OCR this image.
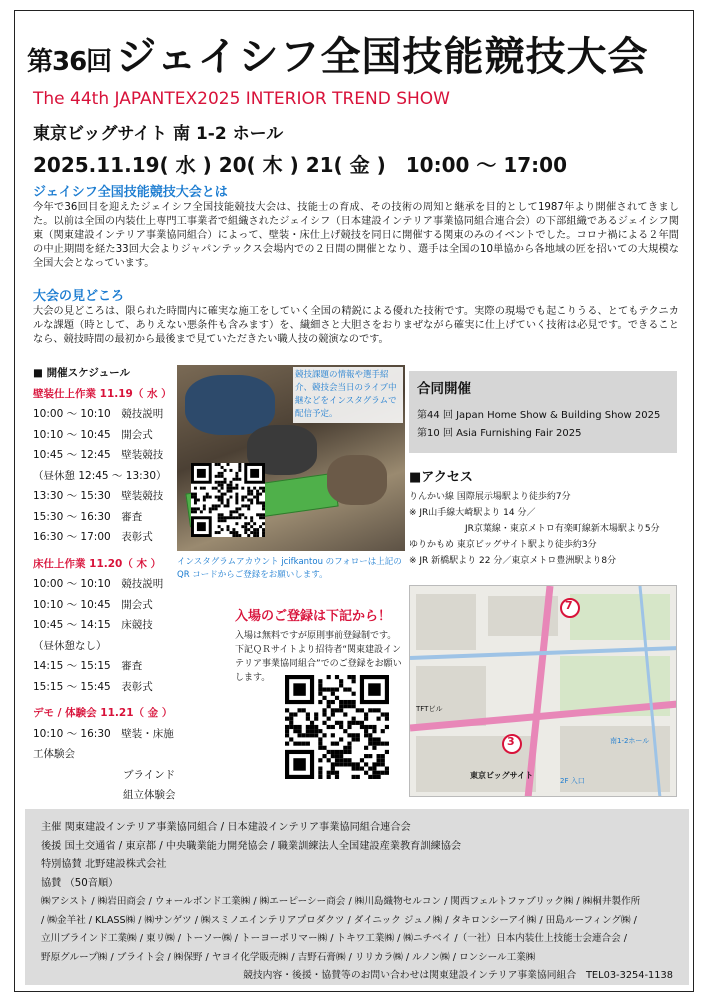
第36回 ジェイシフ全国技能競技大会
The 44th JAPANTEX2025 INTERIOR TREND SHOW
東京ビッグサイト 南 1-2 ホール
2025.11.19( 水 ) 20( 木 ) 21( 金 )　10:00 ～ 17:00
ジェイシフ全国技能競技大会とは
今年で36回目を迎えたジェイシフ全国技能競技大会は、技能士の育成、その技術の周知と継承を目的として1987年より開催されてきました。以前は全国の内装仕上専門工事業者で組織されたジェイシフ（日本建設インテリア事業協同組合連合会）の下部組織であるジェイシフ関東（関東建設インテリア事業協同組合）によって、壁装・床仕上げ競技を同日に開催する関東のみのイベントでした。コロナ禍による２年間の中止期間を経た33回大会よりジャパンテックス会場内での２日間の開催となり、選手は全国の10単協から各地域の匠を招いての大規模な全国大会となっています。
大会の見どころ
大会の見どころは、限られた時間内に確実な施工をしていく全国の精鋭による優れた技術です。実際の現場でも起こりうる、とてもテクニカルな課題（時として、ありえない悪条件も含みます）を、繊細さと大胆さをおりまぜながら確実に仕上げていく技術は必見です。できることなら、競技時間の最初から最後まで見ていただきたい職人技の競演なのです。
■ 開催スケジュール
壁装仕上作業 11.19（ 水 ）
10:00 ～ 10:10　競技説明
10:10 ～ 10:45　開会式
10:45 ～ 12:45　壁装競技
（昼休憩 12:45 ～ 13:30）
13:30 ～ 15:30　壁装競技
15:30 ～ 16:30　審査
16:30 ～ 17:00　表彰式
床仕上作業 11.20（ 木 ）
10:00 ～ 10:10　競技説明
10:10 ～ 10:45　開会式
10:45 ～ 14:15　床競技
（昼休憩なし）
14:15 ～ 15:15　審査
15:15 ～ 15:45　表彰式
デモ / 体験会 11.21（ 金 ）
10:10 ～ 16:30　壁装・床施工体験会
ブラインド組立体験会
競技課題の情報や選手紹介、競技会当日のライブ中継などをインスタグラムで配信予定。
インスタグラムアカウント jcifkantou のフォローは上記の QR コードからご登録をお願いします。
入場のご登録は下記から！
入場は無料ですが原則事前登録制です。下記ＱＲサイトより招待者“関東建設インテリア事業協同組合”でのご登録をお願いします。
合同開催
第44 回 Japan Home Show & Building Show 2025
第10 回 Asia Furnishing Fair 2025
■アクセス
りんかい線 国際展示場駅より徒歩約7分
※ JR山手線大崎駅より 14 分／
JR京葉線・東京メトロ有楽町線新木場駅より5分
ゆりかもめ 東京ビッグサイト駅より徒歩約3分
※ JR 新橋駅より 22 分／東京メトロ豊洲駅より8分
7
3
東京ビッグサイト
TFTビル
2F 入口
南1-2ホール
主催 関東建設インテリア事業協同組合 / 日本建設インテリア事業協同組合連合会
後援 国土交通省 / 東京都 / 中央職業能力開発協会 / 職業訓練法人全国建設産業教育訓練協会
特別協賛 北野建設株式会社
協賛 （50音順）
㈱アシスト / ㈱岩田商会 / ウォールボンド工業㈱ / ㈱エーピーシー商会 / ㈱川島織物セルコン / 関西フェルトファブリック㈱ / ㈱桐井製作所
/ ㈱金羊社 / KLASS㈱ / ㈱サンゲツ / ㈱スミノエインテリアプロダクツ / ダイニック ジュノ㈱ / タキロンシーアイ㈱ / 田島ルーフィング㈱ /
立川ブラインド工業㈱ / 東リ㈱ / トーソー㈱ / トーヨーポリマー㈱ / トキワ工業㈱ / ㈱ニチベイ /（一社）日本内装仕上技能士会連合会 /
野原グループ㈱ / ブライト会 / ㈱保野 / ヤヨイ化学販売㈱ / 吉野石膏㈱ / リリカラ㈱ / ルノン㈱ / ロンシール工業㈱
競技内容・後援・協賛等のお問い合わせは関東建設インテリア事業協同組合　TEL03-3254-1138
